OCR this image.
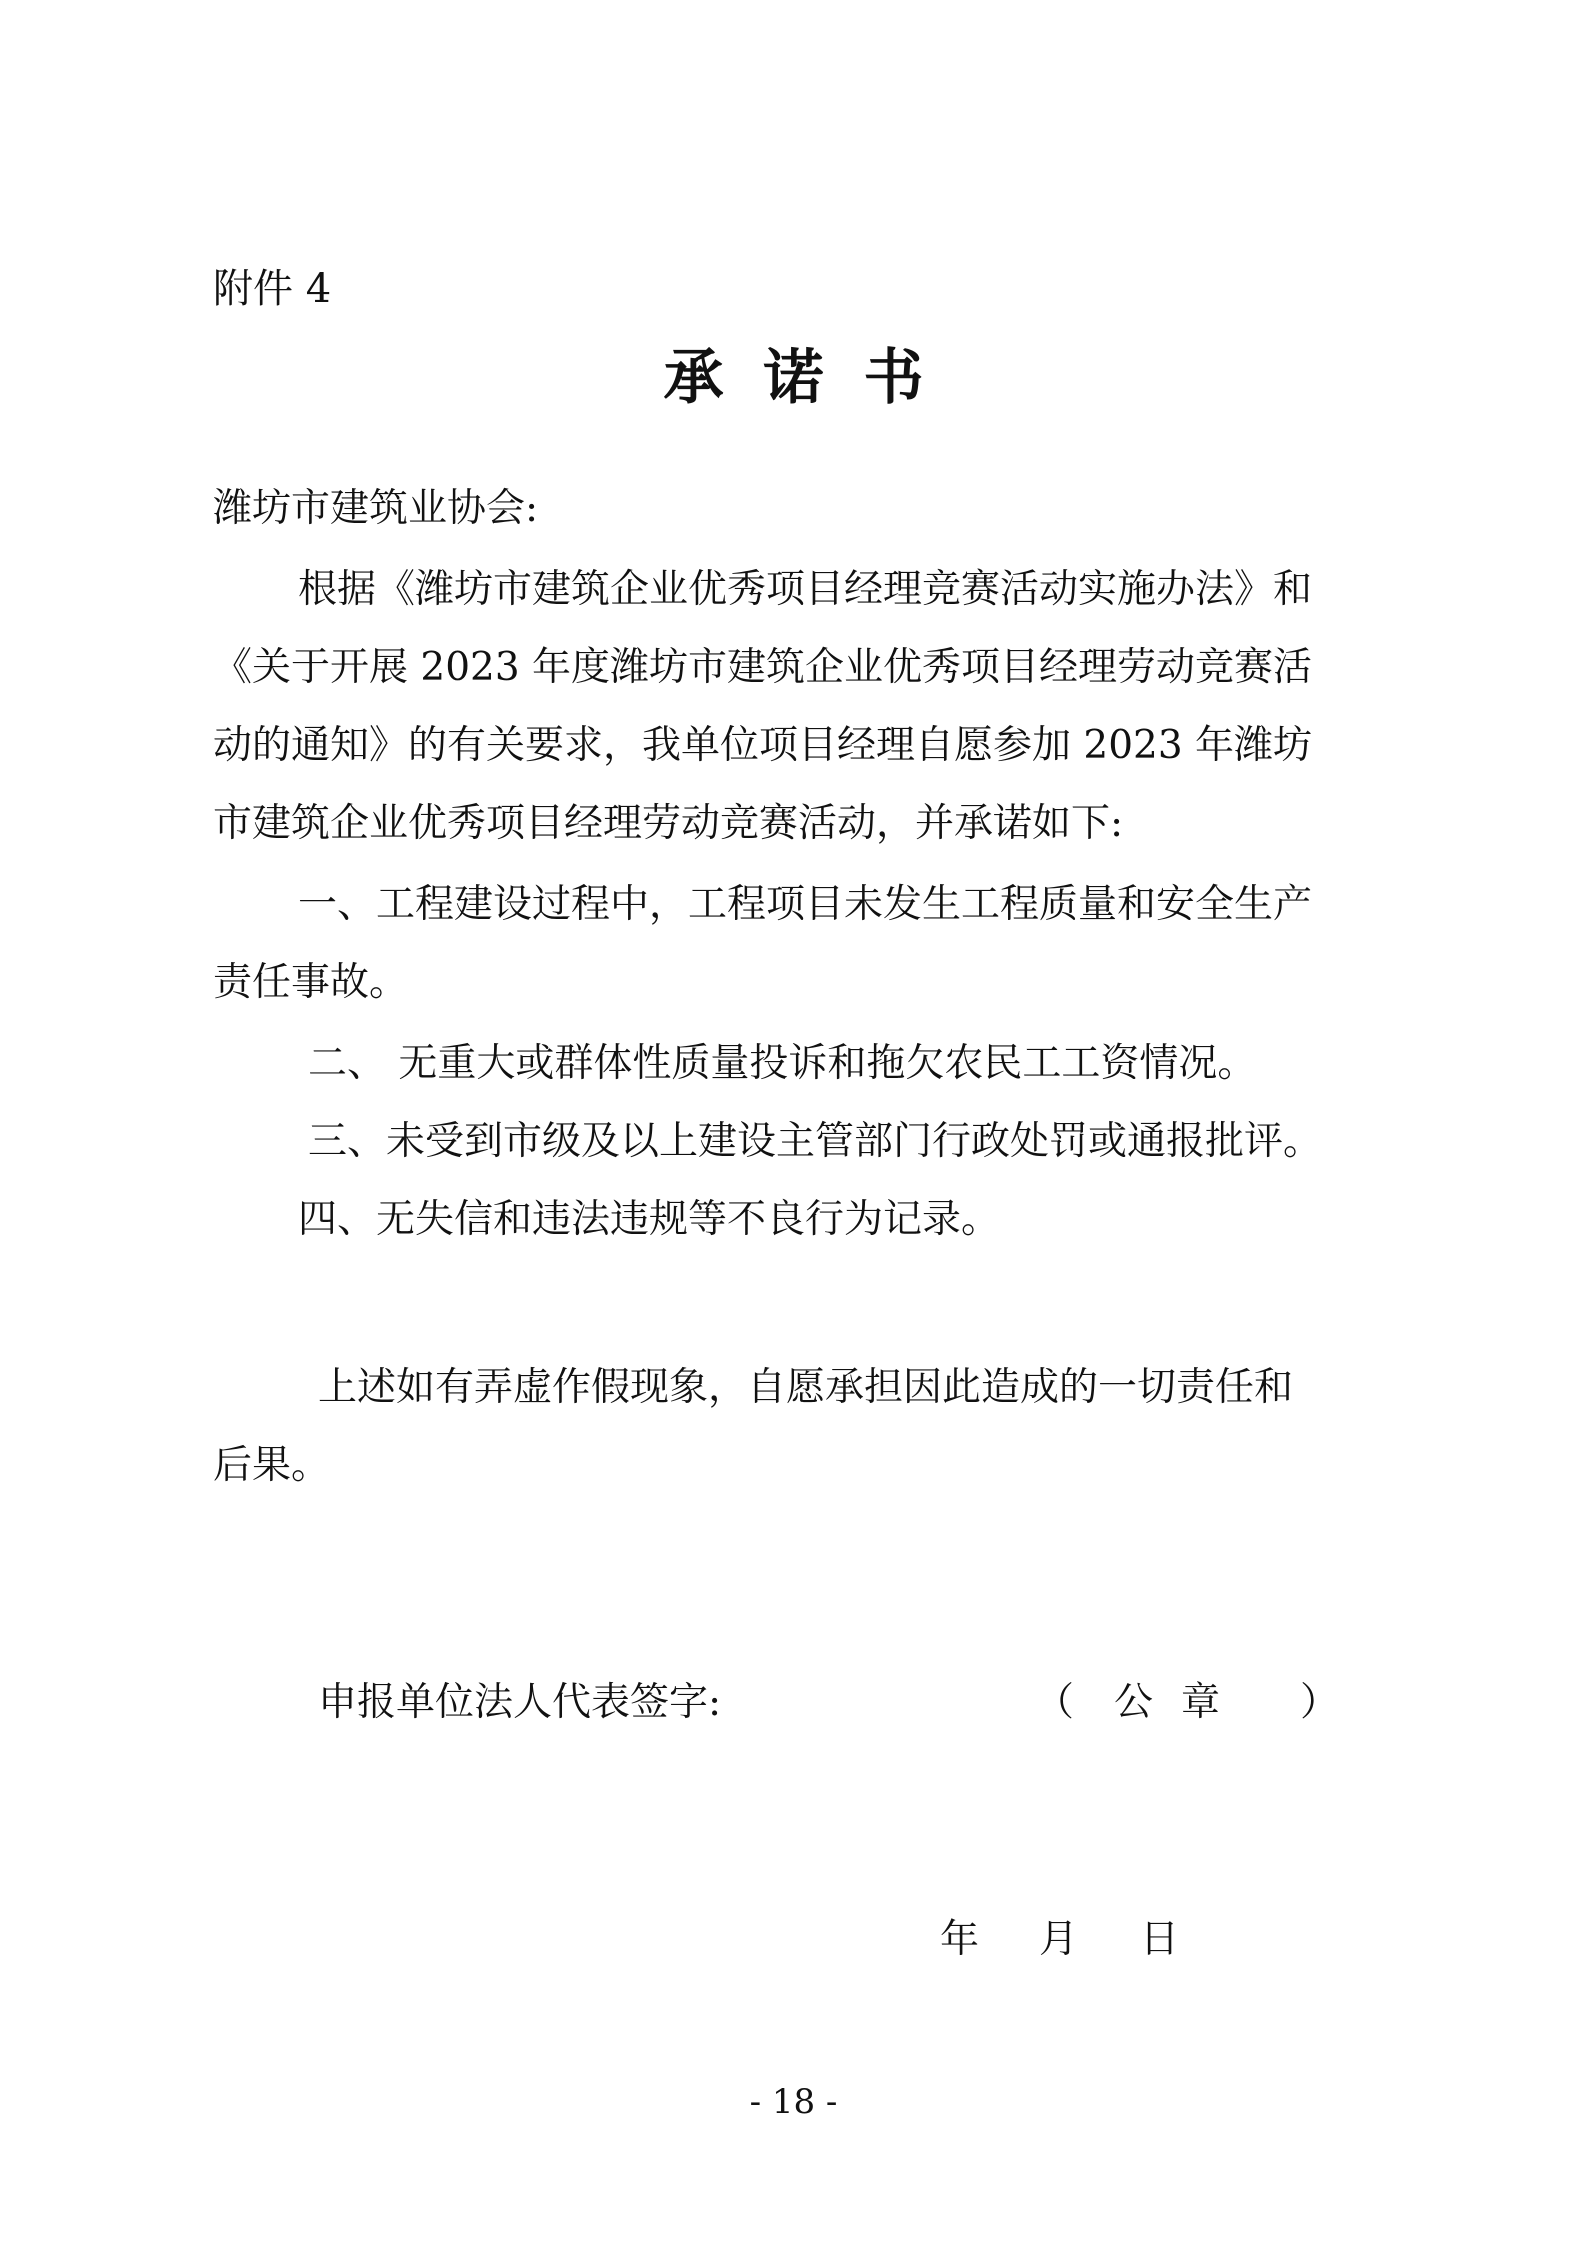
附件 4
承诺书
潍坊市建筑业协会:
根据《潍坊市建筑企业优秀项目经理竞赛活动实施办法》和
《关于开展 2023 年度潍坊市建筑企业优秀项目经理劳动竞赛活
动的通知》的有关要求，我单位项目经理自愿参加 2023 年潍坊
市建筑企业优秀项目经理劳动竞赛活动，并承诺如下:
一、工程建设过程中，工程项目未发生工程质量和安全生产
责任事故。
二、 无重大或群体性质量投诉和拖欠农民工工资情况。
三、未受到市级及以上建设主管部门行政处罚或通报批评。
四、无失信和违法违规等不良行为记录。
上述如有弄虚作假现象，自愿承担因此造成的一切责任和
后果。
申报单位法人代表签字:	（ 公章 ）
年 月 日
- 18 -
